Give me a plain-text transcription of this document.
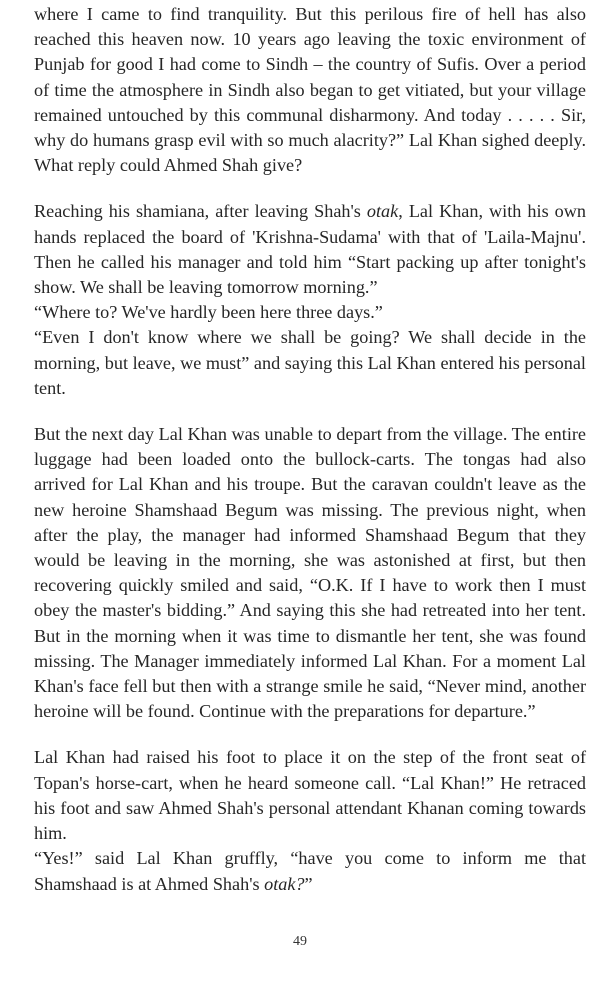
where I came to find tranquility. But this perilous fire of hell has also reached this heaven now. 10 years ago leaving the toxic environment of Punjab for good I had come to Sindh – the country of Sufis. Over a period of time the atmosphere in Sindh also began to get vitiated, but your village remained untouched by this communal disharmony. And today . . . . . Sir, why do humans grasp evil with so much alacrity?” Lal Khan sighed deeply. What reply could Ahmed Shah give?

Reaching his shamiana, after leaving Shah's otak, Lal Khan, with his own hands replaced the board of 'Krishna-Sudama' with that of 'Laila-Majnu'. Then he called his manager and told him “Start packing up after tonight's show. We shall be leaving tomorrow morning.”

“Where to? We've hardly been here three days.”

“Even I don't know where we shall be going? We shall decide in the morning, but leave, we must” and saying this Lal Khan entered his personal tent.

But the next day Lal Khan was unable to depart from the village. The entire luggage had been loaded onto the bullock-carts. The tongas had also arrived for Lal Khan and his troupe. But the caravan couldn't leave as the new heroine Shamshaad Begum was missing. The previous night, when after the play, the manager had informed Shamshaad Begum that they would be leaving in the morning, she was astonished at first, but then recovering quickly smiled and said, “O.K. If I have to work then I must obey the master's bidding.” And saying this she had retreated into her tent. But in the morning when it was time to dismantle her tent, she was found missing. The Manager immediately informed Lal Khan. For a moment Lal Khan's face fell but then with a strange smile he said, “Never mind, another heroine will be found. Continue with the preparations for departure.”

Lal Khan had raised his foot to place it on the step of the front seat of Topan's horse-cart, when he heard someone call. “Lal Khan!” He retraced his foot and saw Ahmed Shah's personal attendant Khanan coming towards him.

“Yes!” said Lal Khan gruffly, “have you come to inform me that Shamshaad is at Ahmed Shah's otak?”

49
